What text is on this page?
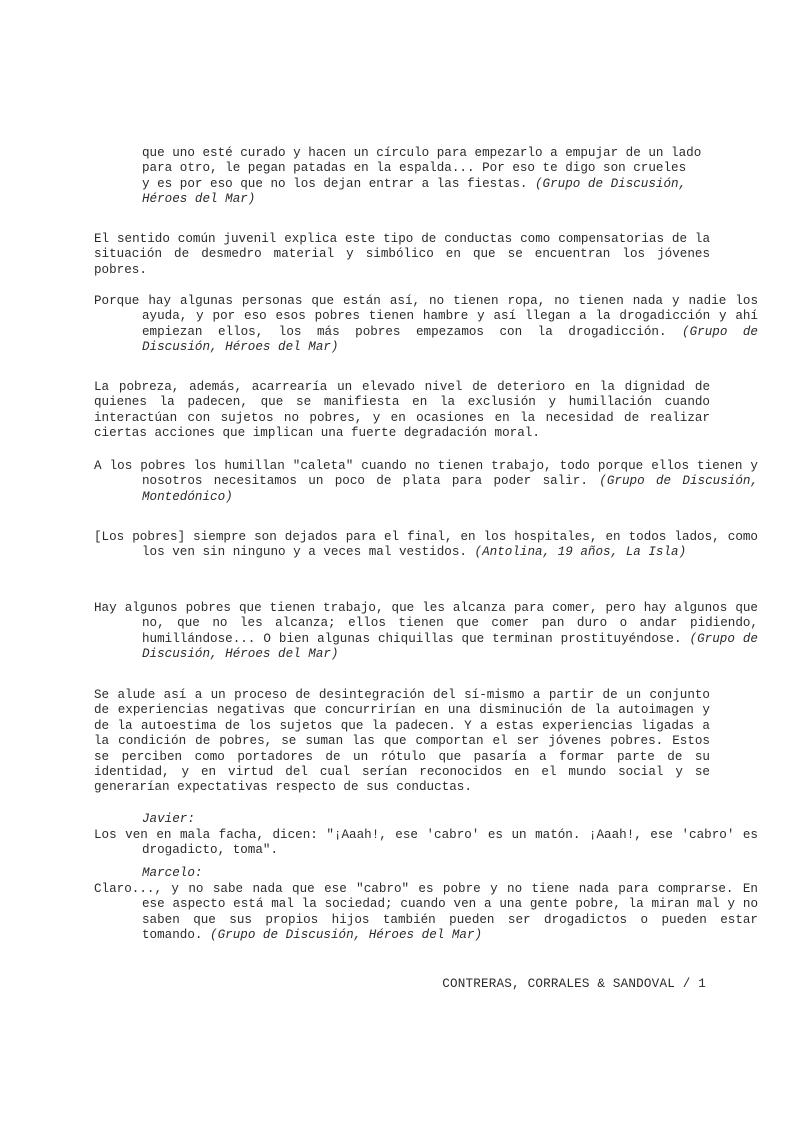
que uno esté curado y hacen un círculo para empezarlo a empujar de un lado
para otro, le pegan patadas en la espalda... Por eso te digo son crueles
y es por eso que no los dejan entrar a las fiestas. (Grupo de Discusión,
Héroes del Mar)
El sentido común juvenil explica este tipo de conductas como compensatorias de la situación de desmedro material y simbólico en que se encuentran los jóvenes pobres.
Porque hay algunas personas que están así, no tienen ropa, no tienen nada y nadie los ayuda, y por eso esos pobres tienen hambre y así llegan a la drogadicción y ahí empiezan ellos, los más pobres empezamos con la drogadicción. (Grupo de Discusión, Héroes del Mar)
La pobreza, además, acarrearía un elevado nivel de deterioro en la dignidad de quienes la padecen, que se manifiesta en la exclusión y humillación cuando interactúan con sujetos no pobres, y en ocasiones en la necesidad de realizar ciertas acciones que implican una fuerte degradación moral.
A los pobres los humillan "caleta" cuando no tienen trabajo, todo porque ellos tienen y nosotros necesitamos un poco de plata para poder salir. (Grupo de Discusión, Montedónico)
[Los pobres] siempre son dejados para el final, en los hospitales, en todos lados, como los ven sin ninguno y a veces mal vestidos. (Antolina, 19 años, La Isla)
Hay algunos pobres que tienen trabajo, que les alcanza para comer, pero hay algunos que no, que no les alcanza; ellos tienen que comer pan duro o andar pidiendo, humillándose... O bien algunas chiquillas que terminan prostituyéndose. (Grupo de Discusión, Héroes del Mar)
Se alude así a un proceso de desintegración del sí-mismo a partir de un conjunto de experiencias negativas que concurrirían en una disminución de la autoimagen y de la autoestima de los sujetos que la padecen. Y a estas experiencias ligadas a la condición de pobres, se suman las que comportan el ser jóvenes pobres. Estos se perciben como portadores de un rótulo que pasaría a formar parte de su identidad, y en virtud del cual serían reconocidos en el mundo social y se generarían expectativas respecto de sus conductas.
Javier:
Los ven en mala facha, dicen: "¡Aaah!, ese 'cabro' es un matón. ¡Aaah!, ese 'cabro' es drogadicto, toma".
Marcelo:
Claro..., y no sabe nada que ese "cabro" es pobre y no tiene nada para comprarse. En ese aspecto está mal la sociedad; cuando ven a una gente pobre, la miran mal y no saben que sus propios hijos también pueden ser drogadictos o pueden estar tomando. (Grupo de Discusión, Héroes del Mar)
CONTRERAS, CORRALES & SANDOVAL / 1
